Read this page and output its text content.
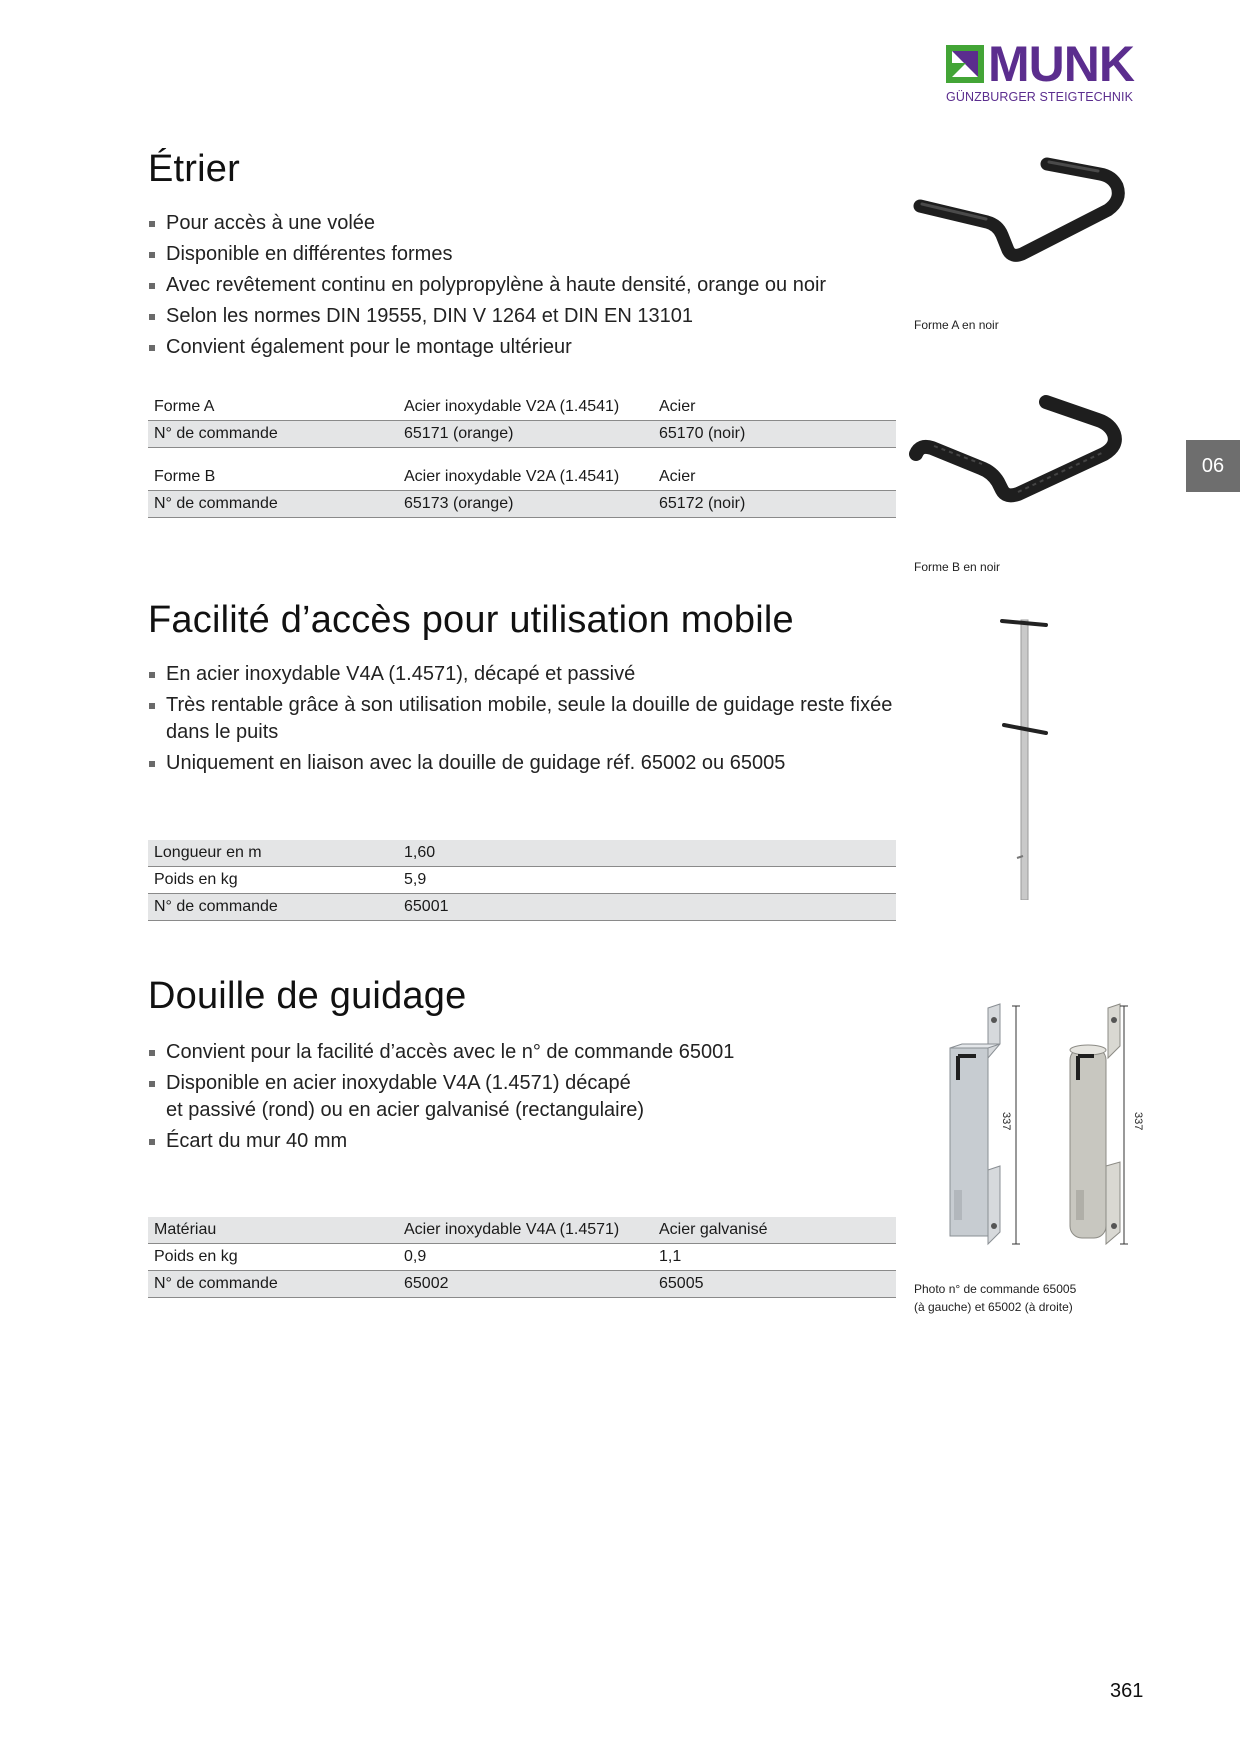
MUNK
GÜNZBURGER STEIGTECHNIK
06
Étrier
Pour accès à une volée
Disponible en différentes formes
Avec revêtement continu en polypropylène à haute densité, orange ou noir
Selon les normes DIN 19555, DIN V 1264 et DIN EN 13101
Convient également pour le montage ultérieur
Forme A	Acier inoxydable V2A (1.4541)	Acier
N° de commande	65171 (orange)	65170 (noir)

Forme B	Acier inoxydable V2A (1.4541)	Acier
N° de commande	65173 (orange)	65172 (noir)
Forme A en noir
Forme B en noir
Facilité d’accès pour utilisation mobile
En acier inoxydable V4A (1.4571), décapé et passivé
Très rentable grâce à son utilisation mobile, seule la douille de guidage reste fixée dans le puits
Uniquement en liaison avec la douille de guidage réf. 65002 ou 65005
Longueur en m	1,60	
Poids en kg	5,9	
N° de commande	65001	
Douille de guidage
Convient pour la facilité d’accès avec le n° de commande 65001
Disponible en acier inoxydable V4A (1.4571) décapé
et passivé (rond) ou en acier galvanisé (rectangulaire)
Écart du mur 40 mm
Matériau	Acier inoxydable V4A (1.4571)	Acier galvanisé
Poids en kg	0,9	1,1
N° de commande	65002	65005
337	337
Photo n° de commande 65005
(à gauche) et 65002 (à droite)
361
